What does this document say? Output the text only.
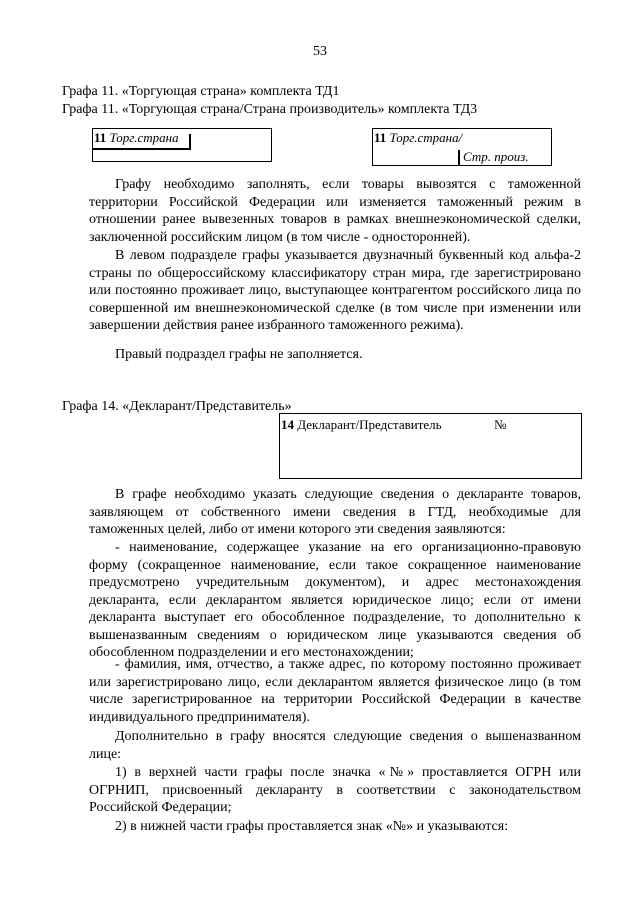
53
Графа 11. «Торгующая страна» комплекта ТД1
Графа 11. «Торгующая страна/Страна производитель» комплекта ТД3
11 Торг.страна	11 Торг.страна/
Стр. произ.
Графу необходимо заполнять, если товары вывозятся с таможенной территории Российской Федерации или изменяется таможенный режим в отношении ранее вывезенных товаров в рамках внешнеэкономической сделки, заключенной российским лицом (в том числе - односторонней).
В левом подразделе графы указывается двузначный буквенный код альфа-2 страны по общероссийскому классификатору стран мира, где зарегистрировано или постоянно проживает лицо, выступающее контрагентом российского лица по совершенной им внешнеэкономической сделке (в том числе при изменении или завершении действия ранее избранного таможенного режима).
Правый подраздел графы не заполняется.
Графа 14. «Декларант/Представитель»
14 Декларант/Представитель	№
В графе необходимо указать следующие сведения о декларанте товаров, заявляющем от собственного имени сведения в ГТД, необходимые для таможенных целей, либо от имени которого эти сведения заявляются:
- наименование, содержащее указание на его организационно-правовую форму (сокращенное наименование, если такое сокращенное наименование предусмотрено учредительным документом), и адрес местонахождения декларанта, если декларантом является юридическое лицо; если от имени декларанта выступает его обособленное подразделение, то дополнительно к вышеназванным сведениям о юридическом лице указываются сведения об обособленном подразделении и его местонахождении;
- фамилия, имя, отчество, а также адрес, по которому постоянно проживает или зарегистрировано лицо, если декларантом является физическое лицо (в том числе зарегистрированное на территории Российской Федерации в качестве индивидуального предпринимателя).
Дополнительно в графу вносятся следующие сведения о вышеназванном лице:
1) в верхней части графы после значка «№» проставляется ОГРН или ОГРНИП, присвоенный декларанту в соответствии с законодательством Российской Федерации;
2) в нижней части графы проставляется знак «№» и указываются:
